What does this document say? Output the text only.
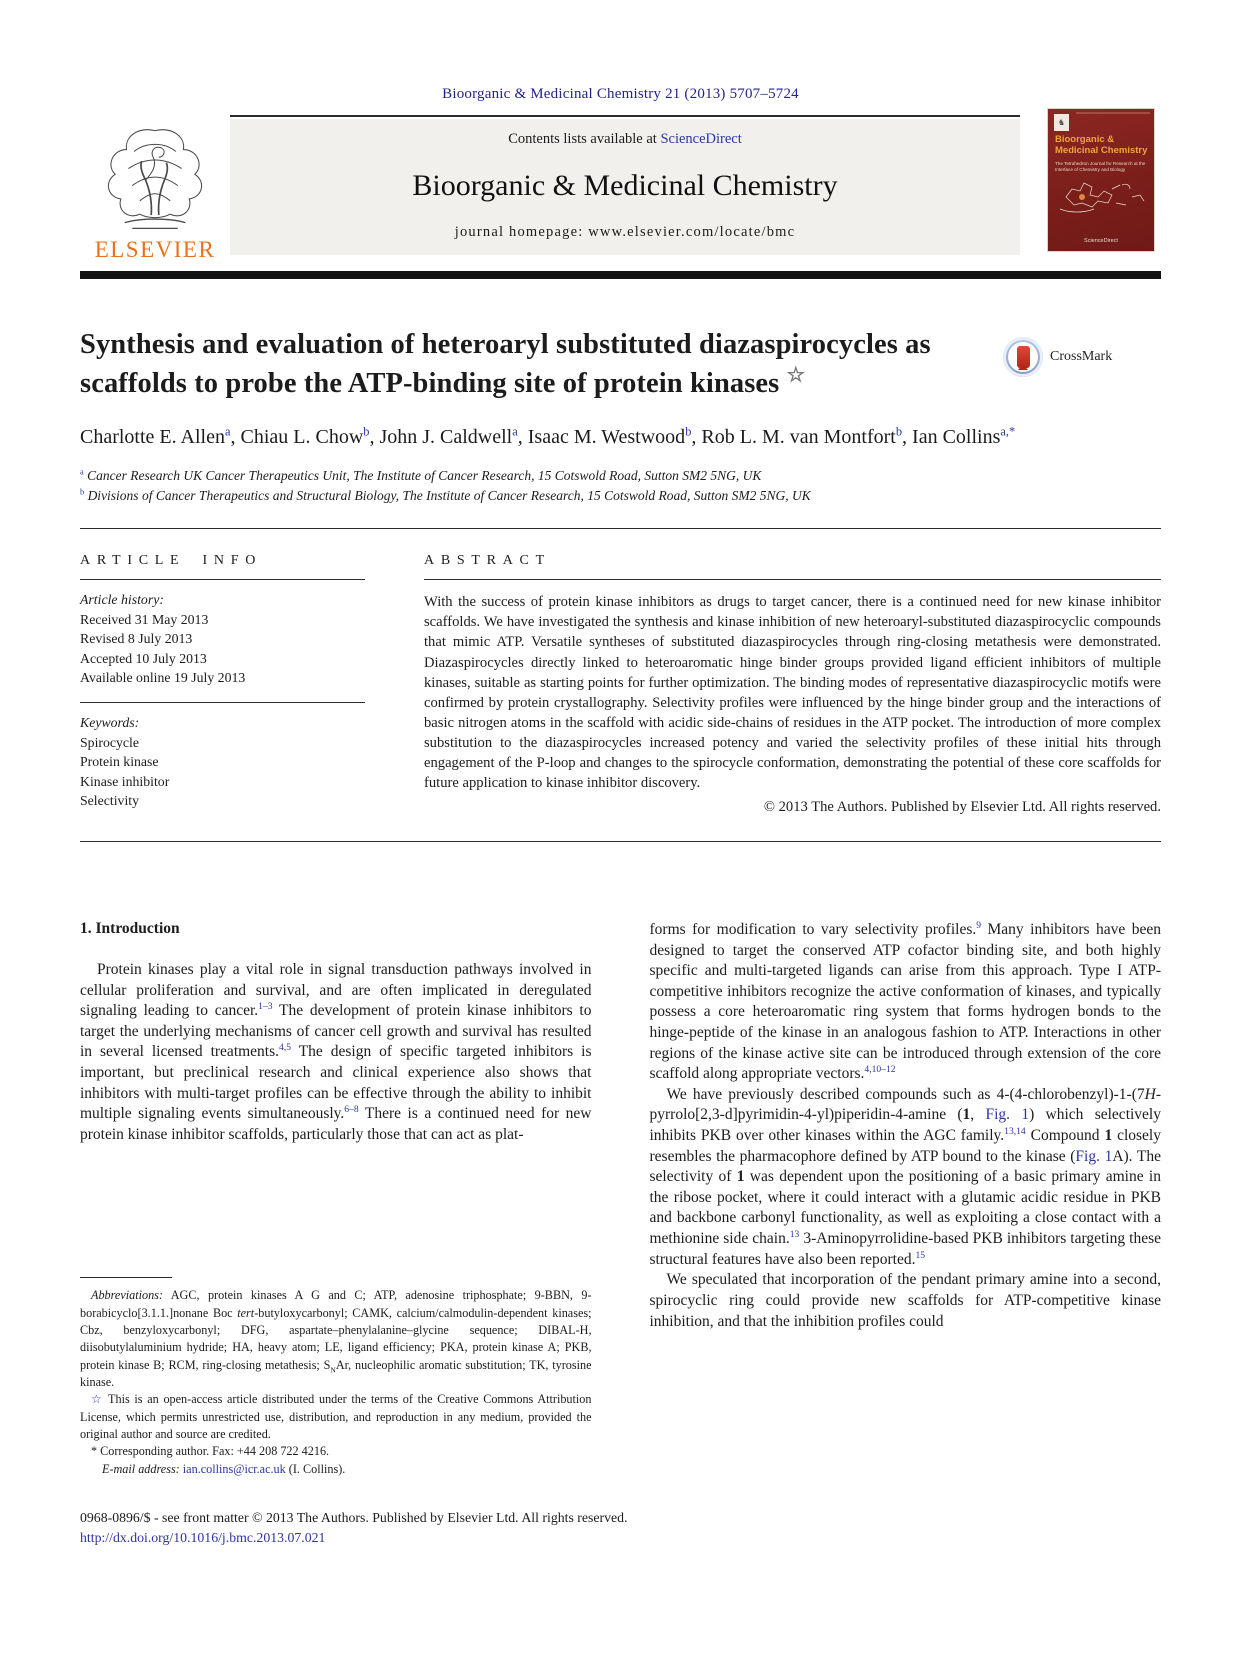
Bioorganic & Medicinal Chemistry 21 (2013) 5707–5724
ELSEVIER
Contents lists available at ScienceDirect
Bioorganic & Medicinal Chemistry
journal homepage: www.elsevier.com/locate/bmc
♞
Bioorganic & Medicinal Chemistry
The Tetrahedron Journal for Research at the Interface of Chemistry and Biology
ScienceDirect
Synthesis and evaluation of heteroaryl substituted diazaspirocycles as scaffolds to probe the ATP-binding site of protein kinases ☆
CrossMark
Charlotte E. Allen$^a$, Chiau L. Chow$^b$, John J. Caldwell$^a$, Isaac M. Westwood$^b$, Rob L. M. van Montfort$^b$, Ian Collins$^{a,*}$
$^a$ Cancer Research UK Cancer Therapeutics Unit, The Institute of Cancer Research, 15 Cotswold Road, Sutton SM2 5NG, UK
$^b$ Divisions of Cancer Therapeutics and Structural Biology, The Institute of Cancer Research, 15 Cotswold Road, Sutton SM2 5NG, UK
ARTICLE INFO
Article history:
Received 31 May 2013
Revised 8 July 2013
Accepted 10 July 2013
Available online 19 July 2013
Keywords:
Spirocycle
Protein kinase
Kinase inhibitor
Selectivity
ABSTRACT
With the success of protein kinase inhibitors as drugs to target cancer, there is a continued need for new kinase inhibitor scaffolds. We have investigated the synthesis and kinase inhibition of new heteroaryl-substituted diazaspirocyclic compounds that mimic ATP. Versatile syntheses of substituted diazaspirocycles through ring-closing metathesis were demonstrated. Diazaspirocycles directly linked to heteroaromatic hinge binder groups provided ligand efficient inhibitors of multiple kinases, suitable as starting points for further optimization. The binding modes of representative diazaspirocyclic motifs were confirmed by protein crystallography. Selectivity profiles were influenced by the hinge binder group and the interactions of basic nitrogen atoms in the scaffold with acidic side-chains of residues in the ATP pocket. The introduction of more complex substitution to the diazaspirocycles increased potency and varied the selectivity profiles of these initial hits through engagement of the P-loop and changes to the spirocycle conformation, demonstrating the potential of these core scaffolds for future application to kinase inhibitor discovery.
© 2013 The Authors. Published by Elsevier Ltd. All rights reserved.
1. Introduction

Protein kinases play a vital role in signal transduction pathways involved in cellular proliferation and survival, and are often implicated in deregulated signaling leading to cancer.$^{1-3}$ The development of protein kinase inhibitors to target the underlying mechanisms of cancer cell growth and survival has resulted in several licensed treatments.$^{4,5}$ The design of specific targeted inhibitors is important, but preclinical research and clinical experience also shows that inhibitors with multi-target profiles can be effective through the ability to inhibit multiple signaling events simultaneously.$^{6-8}$ There is a continued need for new protein kinase inhibitor scaffolds, particularly those that can act as plat-

Abbreviations: AGC, protein kinases A G and C; ATP, adenosine triphosphate; 9-BBN, 9-borabicyclo[3.1.1.]nonane Boc tert-butyloxycarbonyl; CAMK, calcium/calmodulin-dependent kinases; Cbz, benzyloxycarbonyl; DFG, aspartate–phenylalanine–glycine sequence; DIBAL-H, diisobutylaluminium hydride; HA, heavy atom; LE, ligand efficiency; PKA, protein kinase A; PKB, protein kinase B; RCM, ring-closing metathesis; $S_NAr$, nucleophilic aromatic substitution; TK, tyrosine kinase.
☆ This is an open-access article distributed under the terms of the Creative Commons Attribution License, which permits unrestricted use, distribution, and reproduction in any medium, provided the original author and source are credited.
* Corresponding author. Fax: +44 208 722 4216.
E-mail address: ian.collins@icr.ac.uk (I. Collins).

forms for modification to vary selectivity profiles.$^9$ Many inhibitors have been designed to target the conserved ATP cofactor binding site, and both highly specific and multi-targeted ligands can arise from this approach. Type I ATP-competitive inhibitors recognize the active conformation of kinases, and typically possess a core heteroaromatic ring system that forms hydrogen bonds to the hinge-peptide of the kinase in an analogous fashion to ATP. Interactions in other regions of the kinase active site can be introduced through extension of the core scaffold along appropriate vectors.$^{4,10-12}$

We have previously described compounds such as 4-(4-chlorobenzyl)-1-(7H-pyrrolo[2,3-d]pyrimidin-4-yl)piperidin-4-amine (1, Fig. 1) which selectively inhibits PKB over other kinases within the AGC family.$^{13,14}$ Compound 1 closely resembles the pharmacophore defined by ATP bound to the kinase (Fig. 1A). The selectivity of 1 was dependent upon the positioning of a basic primary amine in the ribose pocket, where it could interact with a glutamic acidic residue in PKB and backbone carbonyl functionality, as well as exploiting a close contact with a methionine side chain.$^{13}$ 3-Aminopyrrolidine-based PKB inhibitors targeting these structural features have also been reported.$^{15}$

We speculated that incorporation of the pendant primary amine into a second, spirocyclic ring could provide new scaffolds for ATP-competitive kinase inhibition, and that the inhibition profiles could

0968-0896/$ - see front matter © 2013 The Authors. Published by Elsevier Ltd. All rights reserved.
http://dx.doi.org/10.1016/j.bmc.2013.07.021
